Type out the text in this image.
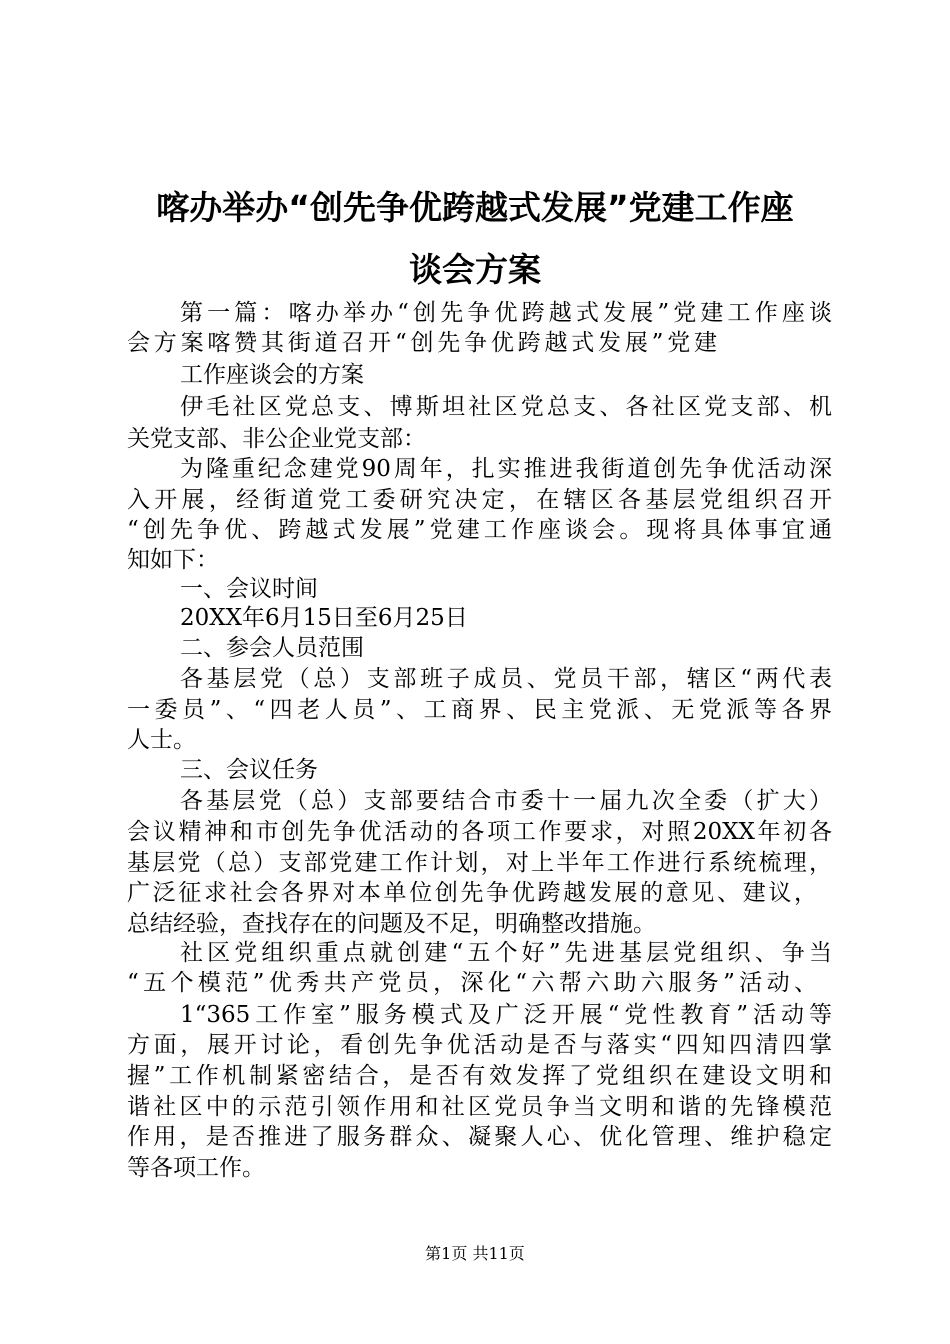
喀办举办“创先争优跨越式发展”党建工作座
谈会方案
第一篇：喀办举办“创先争优跨越式发展”党建工作座谈
会方案喀赞其街道召开“创先争优跨越式发展”党建
工作座谈会的方案
伊毛社区党总支、博斯坦社区党总支、各社区党支部、机
关党支部、非公企业党支部：
为隆重纪念建党90周年，扎实推进我街道创先争优活动深
入开展，经街道党工委研究决定，在辖区各基层党组织召开
“创先争优、跨越式发展”党建工作座谈会。现将具体事宜通
知如下：
一、会议时间
20XX年6月15日至6月25日
二、参会人员范围
各基层党（总）支部班子成员、党员干部，辖区“两代表
一委员”、“四老人员”、工商界、民主党派、无党派等各界
人士。
三、会议任务
各基层党（总）支部要结合市委十一届九次全委（扩大）
会议精神和市创先争优活动的各项工作要求，对照20XX年初各
基层党（总）支部党建工作计划，对上半年工作进行系统梳理，
广泛征求社会各界对本单位创先争优跨越发展的意见、建议，
总结经验，查找存在的问题及不足，明确整改措施。
社区党组织重点就创建“五个好”先进基层党组织、争当
“五个模范”优秀共产党员，深化“六帮六助六服务”活动、
1“365工作室”服务模式及广泛开展“党性教育”活动等
方面，展开讨论，看创先争优活动是否与落实“四知四清四掌
握”工作机制紧密结合，是否有效发挥了党组织在建设文明和
谐社区中的示范引领作用和社区党员争当文明和谐的先锋模范
作用，是否推进了服务群众、凝聚人心、优化管理、维护稳定
等各项工作。
第1页 共11页
